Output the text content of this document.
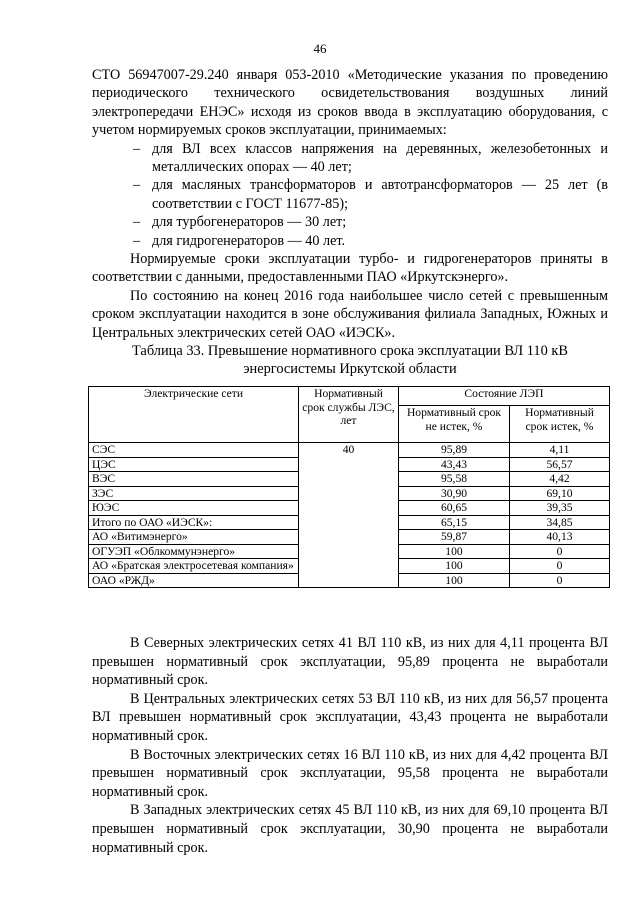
46

СТО 56947007-29.240 января 053-2010 «Методические указания по проведению периодического технического освидетельствования воздушных линий электропередачи ЕНЭС» исходя из сроков ввода в эксплуатацию оборудования, с учетом нормируемых сроков эксплуатации, принимаемых:

– для ВЛ всех классов напряжения на деревянных, железобетонных и металлических опорах — 40 лет;
– для масляных трансформаторов и автотрансформаторов — 25 лет (в соответствии с ГОСТ 11677-85);
– для турбогенераторов — 30 лет;
– для гидрогенераторов — 40 лет.

Нормируемые сроки эксплуатации турбо- и гидрогенераторов приняты в соответствии с данными, предоставленными ПАО «Иркутскэнерго».

По состоянию на конец 2016 года наибольшее число сетей с превышенным сроком эксплуатации находится в зоне обслуживания филиала Западных, Южных и Центральных электрических сетей ОАО «ИЭСК».

Таблица 33. Превышение нормативного срока эксплуатации ВЛ 110 кВ энергосистемы Иркутской области
Электрические сети	Нормативный срок службы ЛЭС, лет	Состояние ЛЭП	
		Нормативный срок не истек, %	Нормативный срок истек, %
СЭС	40	95,89	4,11
ЦЭС		43,43	56,57
ВЭС		95,58	4,42
ЗЭС		30,90	69,10
ЮЭС		60,65	39,35
Итого по ОАО «ИЭСК»:		65,15	34,85
АО «Витимэнерго»		59,87	40,13
ОГУЭП «Облкоммунэнерго»		100	0
АО «Братская электросетевая компания»		100	0
ОАО «РЖД»		100	0

В Северных электрических сетях 41 ВЛ 110 кВ, из них для 4,11 процента ВЛ превышен нормативный срок эксплуатации, 95,89 процента не выработали нормативный срок.

В Центральных электрических сетях 53 ВЛ 110 кВ, из них для 56,57 процента ВЛ превышен нормативный срок эксплуатации, 43,43 процента не выработали нормативный срок.

В Восточных электрических сетях 16 ВЛ 110 кВ, из них для 4,42 процента ВЛ превышен нормативный срок эксплуатации, 95,58 процента не выработали нормативный срок.

В Западных электрических сетях 45 ВЛ 110 кВ, из них для 69,10 процента ВЛ превышен нормативный срок эксплуатации, 30,90 процента не выработали нормативный срок.
